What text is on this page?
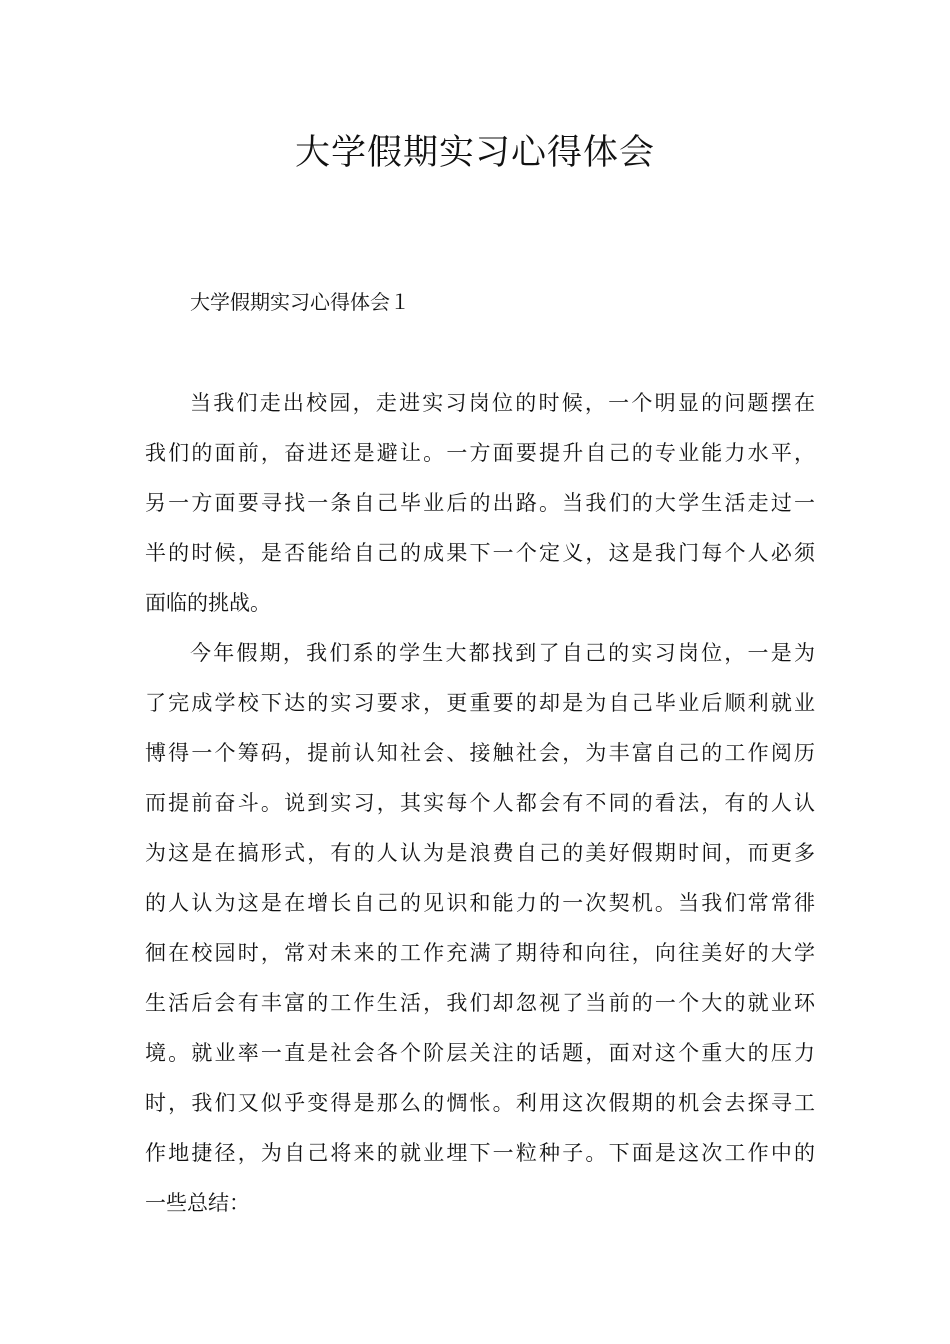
大学假期实习心得体会
大学假期实习心得体会１
当我们走出校园，走进实习岗位的时候，一个明显的问题摆在
我们的面前，奋进还是避让。一方面要提升自己的专业能力水平，
另一方面要寻找一条自己毕业后的出路。当我们的大学生活走过一
半的时候，是否能给自己的成果下一个定义，这是我门每个人必须
面临的挑战。
今年假期，我们系的学生大都找到了自己的实习岗位，一是为
了完成学校下达的实习要求，更重要的却是为自己毕业后顺利就业
博得一个筹码，提前认知社会、接触社会，为丰富自己的工作阅历
而提前奋斗。说到实习，其实每个人都会有不同的看法，有的人认
为这是在搞形式，有的人认为是浪费自己的美好假期时间，而更多
的人认为这是在增长自己的见识和能力的一次契机。当我们常常徘
徊在校园时，常对未来的工作充满了期待和向往，向往美好的大学
生活后会有丰富的工作生活，我们却忽视了当前的一个大的就业环
境。就业率一直是社会各个阶层关注的话题，面对这个重大的压力
时，我们又似乎变得是那么的惆怅。利用这次假期的机会去探寻工
作地捷径，为自己将来的就业埋下一粒种子。下面是这次工作中的
一些总结：
